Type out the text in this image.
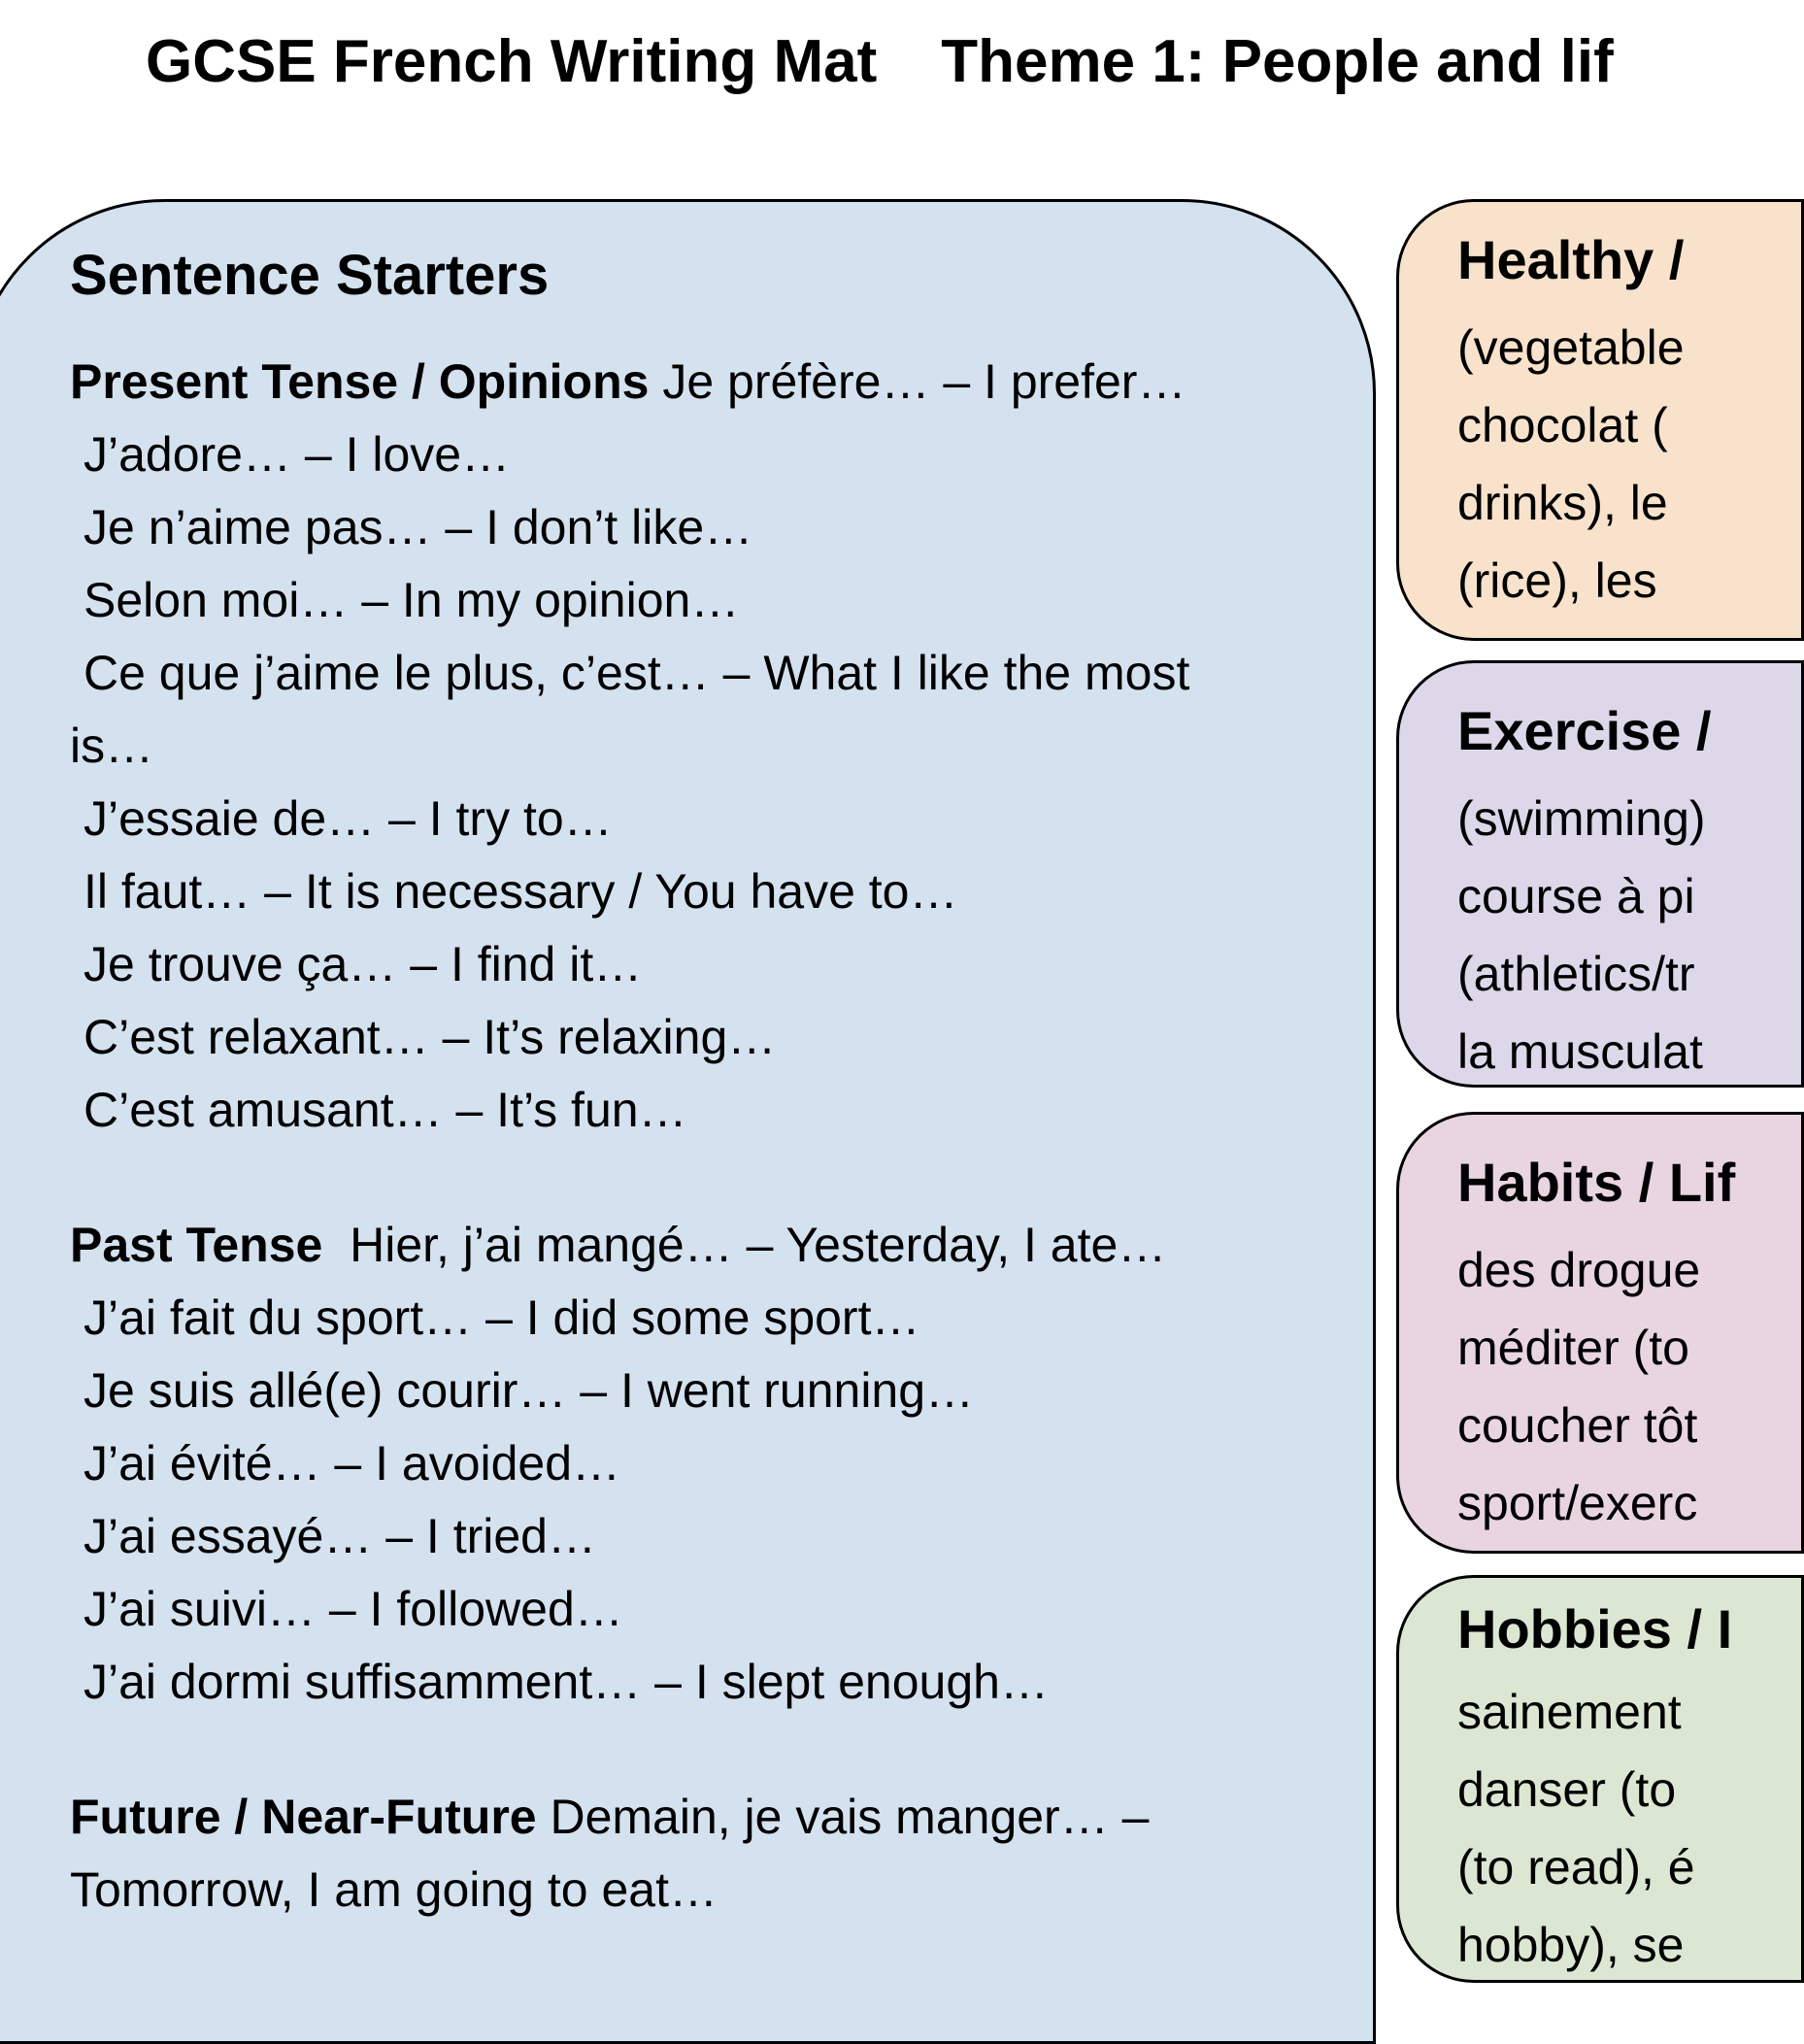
GCSE French Writing Mat Theme 1: People and lif
Sentence Starters
Present Tense / Opinions Je préfère… – I prefer…
J’adore… – I love…
Je n’aime pas… – I don’t like…
Selon moi… – In my opinion…
Ce que j’aime le plus, c’est… – What I like the most
is…
J’essaie de… – I try to…
Il faut… – It is necessary / You have to…
Je trouve ça… – I find it…
C’est relaxant… – It’s relaxing…
C’est amusant… – It’s fun…
Past Tense  Hier, j’ai mangé… – Yesterday, I ate…
J’ai fait du sport… – I did some sport…
Je suis allé(e) courir… – I went running…
J’ai évité… – I avoided…
J’ai essayé… – I tried…
J’ai suivi… – I followed…
J’ai dormi suffisamment… – I slept enough…
Future / Near-Future Demain, je vais manger… –
Tomorrow, I am going to eat…
Healthy /
(vegetable
chocolat (
drinks), le
(rice), les
Exercise /
(swimming)
course à pi
(athletics/tr
la musculat
Habits / Lif
des drogue
méditer (to
coucher tôt
sport/exerc
Hobbies / I
sainement
danser (to
(to read), é
hobby), se
